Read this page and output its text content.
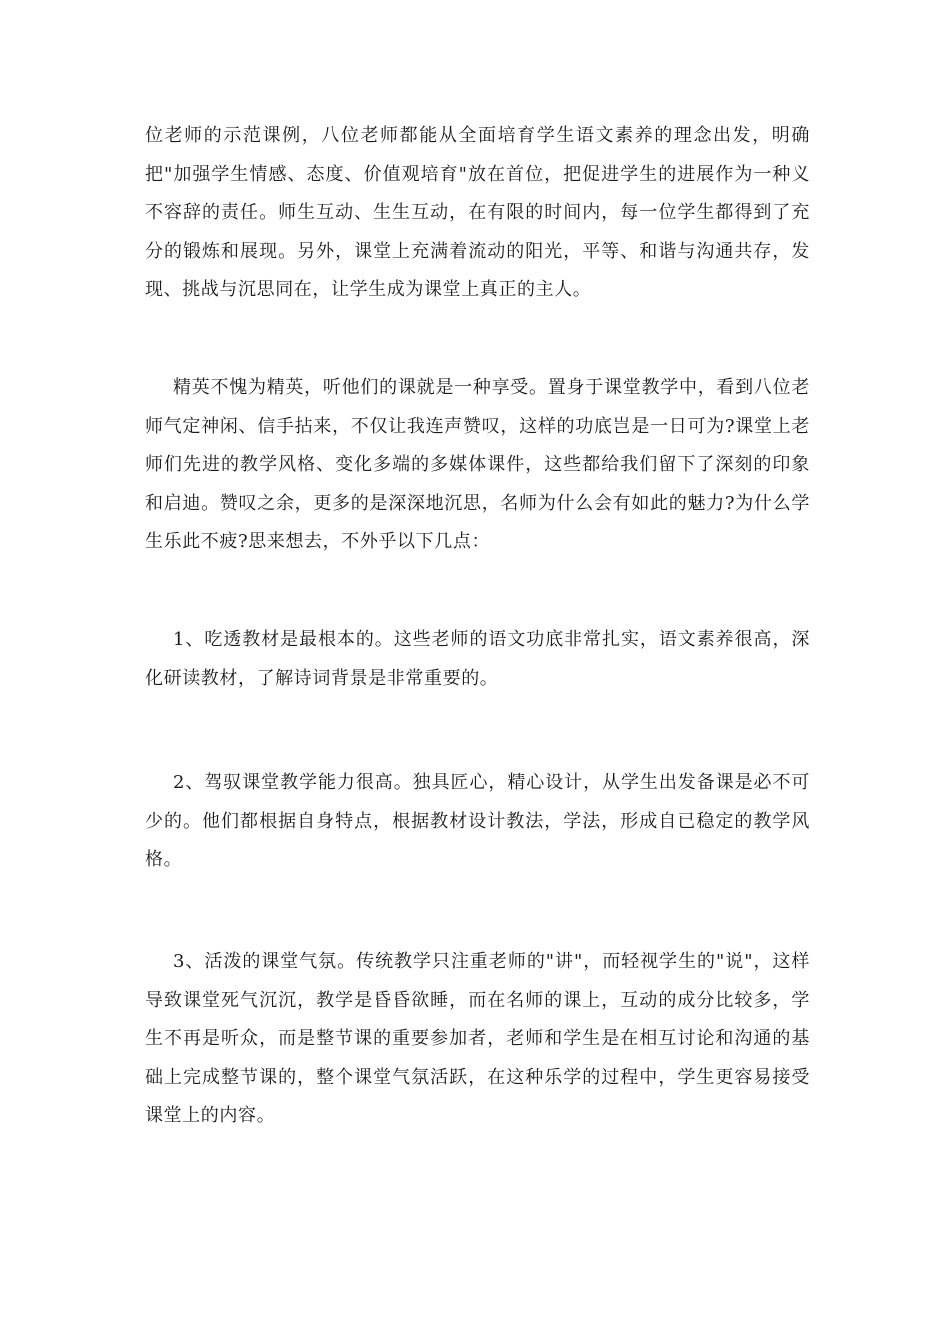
位老师的示范课例，八位老师都能从全面培育学生语文素养的理念出发，明确把"加强学生情感、态度、价值观培育"放在首位，把促进学生的进展作为一种义不容辞的责任。师生互动、生生互动，在有限的时间内，每一位学生都得到了充分的锻炼和展现。另外，课堂上充满着流动的阳光，平等、和谐与沟通共存，发现、挑战与沉思同在，让学生成为课堂上真正的主人。

精英不愧为精英，听他们的课就是一种享受。置身于课堂教学中，看到八位老师气定神闲、信手拈来，不仅让我连声赞叹，这样的功底岂是一日可为?课堂上老师们先进的教学风格、变化多端的多媒体课件，这些都给我们留下了深刻的印象和启迪。赞叹之余，更多的是深深地沉思，名师为什么会有如此的魅力?为什么学生乐此不疲?思来想去，不外乎以下几点：

1、吃透教材是最根本的。这些老师的语文功底非常扎实，语文素养很高，深化研读教材，了解诗词背景是非常重要的。

2、驾驭课堂教学能力很高。独具匠心，精心设计，从学生出发备课是必不可少的。他们都根据自身特点，根据教材设计教法，学法，形成自已稳定的教学风格。

3、活泼的课堂气氛。传统教学只注重老师的"讲"，而轻视学生的"说"，这样导致课堂死气沉沉，教学是昏昏欲睡，而在名师的课上，互动的成分比较多，学生不再是听众，而是整节课的重要参加者，老师和学生是在相互讨论和沟通的基础上完成整节课的，整个课堂气氛活跃，在这种乐学的过程中，学生更容易接受课堂上的内容。
